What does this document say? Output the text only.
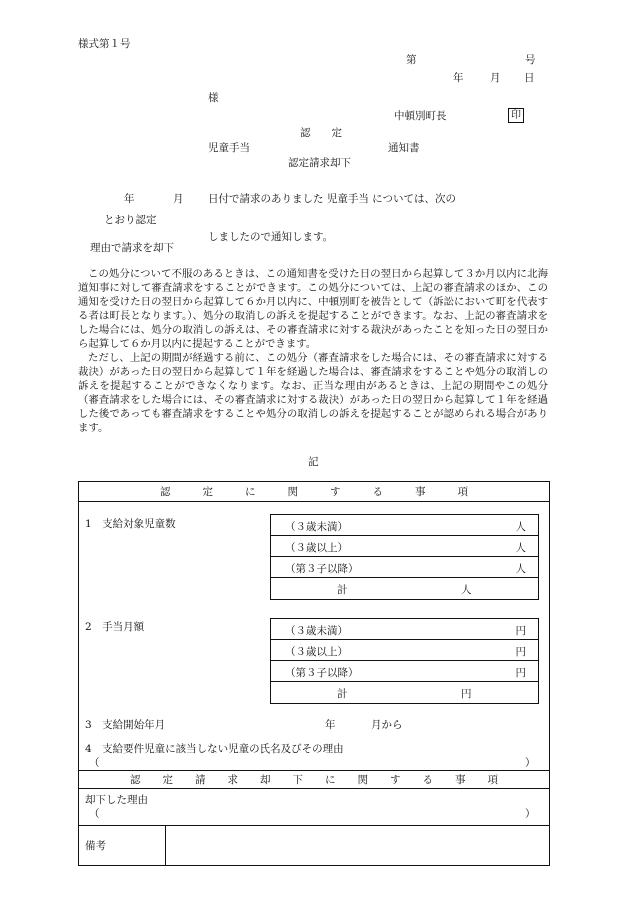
様式第１号
第	号
年	月 日
様
中頓別町長	印
認　　定
児童手当	通知書
認定請求却下
年	月 日付で請求のありました 児童手当 については、次の
とおり認定
しましたので通知します。
理由で請求を却下

この処分について不服のあるときは、この通知書を受けた日の翌日から起算して３か月以内に北海道知事に対して審査請求をすることができます。この処分については、上記の審査請求のほか、この通知を受けた日の翌日から起算して６か月以内に、中頓別町を被告として（訴訟において町を代表する者は町長となります。）、処分の取消しの訴えを提起することができます。なお、上記の審査請求をした場合には、処分の取消しの訴えは、その審査請求に対する裁決があったことを知った日の翌日から起算して６か月以内に提起することができます。

ただし、上記の期間が経過する前に、この処分（審査請求をした場合には、その審査請求に対する裁決）があった日の翌日から起算して１年を経過した場合は、審査請求をすることや処分の取消しの訴えを提起することができなくなります。なお、正当な理由があるときは、上記の期間やこの処分（審査請求をした場合には、その審査請求に対する裁決）があった日の翌日から起算して１年を経過した後であっても審査請求をすることや処分の取消しの訴えを提起することが認められる場合があります。

記
認	定	に	関	す	る	事	項
1　支給対象児童数	（３歳未満）	人
（３歳以上）	人
（第３子以降）	人
計	人
2　手当月額	（３歳未満）	円
（３歳以上）	円
（第３子以降）	円
計	円
3　支給開始年月	年	月から
4　支給要件児童に該当しない児童の氏名及びその理由
（	）
認 定 請 求 却 下 に 関 す る 事 項
却下した理由
（	）
備考
